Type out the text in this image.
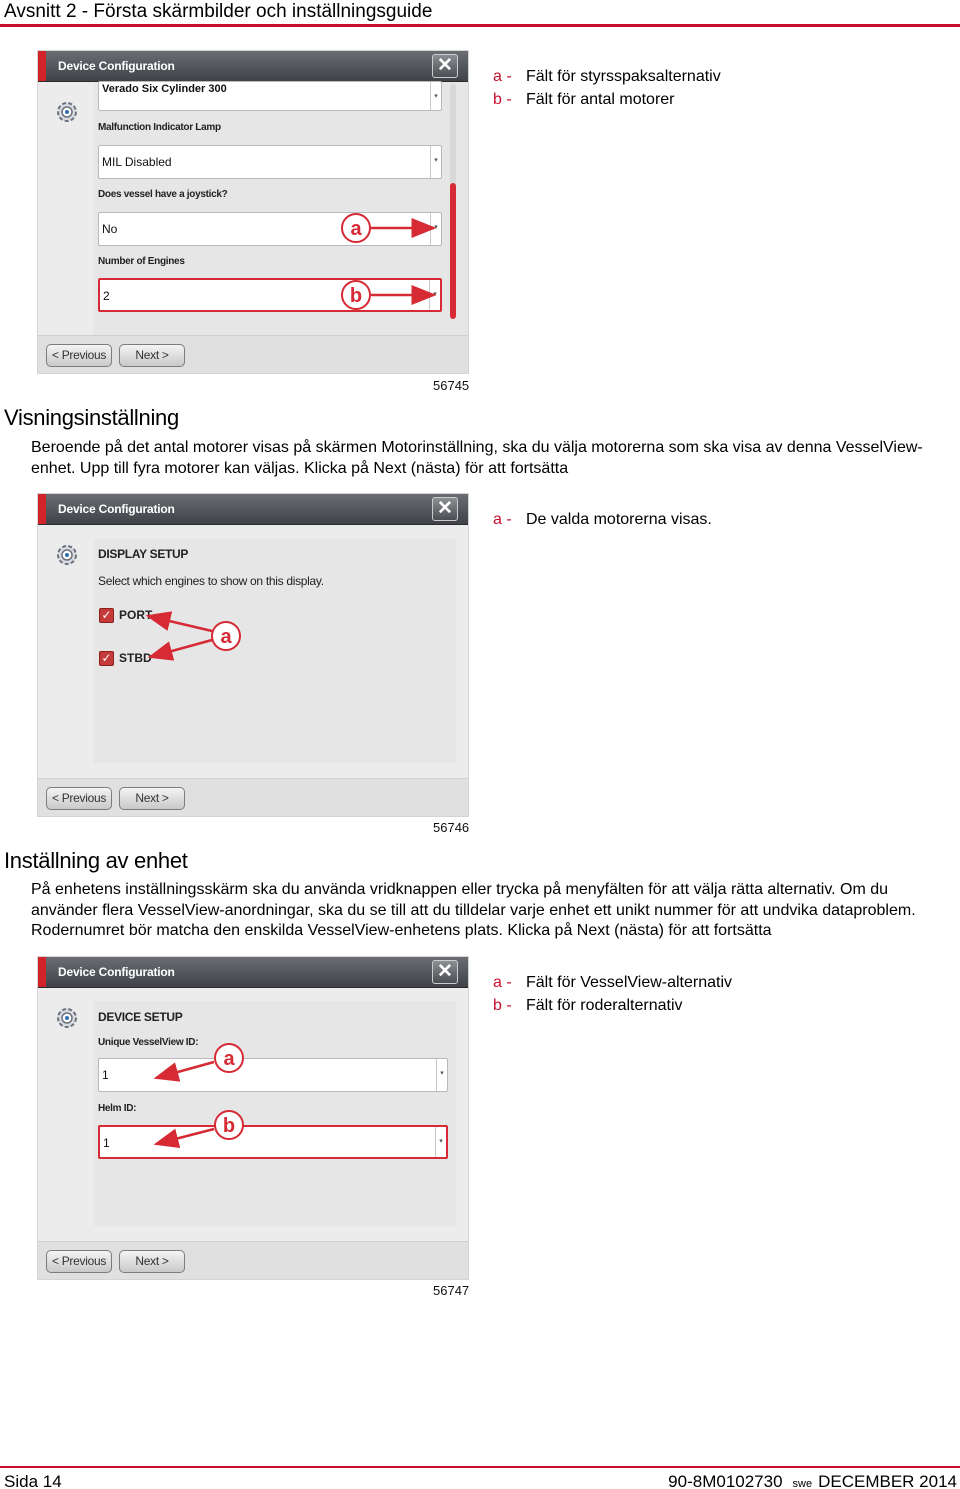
Avsnitt 2 - Första skärmbilder och inställningsguide
Device Configuration	✕
Verado Six Cylinder 300
▾
Malfunction Indicator Lamp
MIL Disabled	▾
Does vessel have a joystick?
No	▾
Number of Engines
2	▾
a
b
< Previous	Next >
56745
a - Fält för styrsspaksalternativ
b - Fält för antal motorer
Visningsinställning
Beroende på det antal motorer visas på skärmen Motorinställning, ska du välja motorerna som ska visa av denna VesselView-enhet. Upp till fyra motorer kan väljas. Klicka på Next (nästa) för att fortsätta
Device Configuration	✕
DISPLAY SETUP
Select which engines to show on this display.
✓ PORT
✓ STBD
a
< Previous	Next >
56746
a - De valda motorerna visas.
Inställning av enhet
På enhetens inställningsskärm ska du använda vridknappen eller trycka på menyfälten för att välja rätta alternativ. Om du använder flera VesselView-anordningar, ska du se till att du tilldelar varje enhet ett unikt nummer för att undvika dataproblem. Rodernumret bör matcha den enskilda VesselView-enhetens plats. Klicka på Next (nästa) för att fortsätta
Device Configuration	✕
DEVICE SETUP
Unique VesselView ID:
1	▾
Helm ID:
1	▾
a
b
< Previous	Next >
56747
a - Fält för VesselView-alternativ
b - Fält för roderalternativ
Sida 14	90-8M0102730 swe DECEMBER 2014
